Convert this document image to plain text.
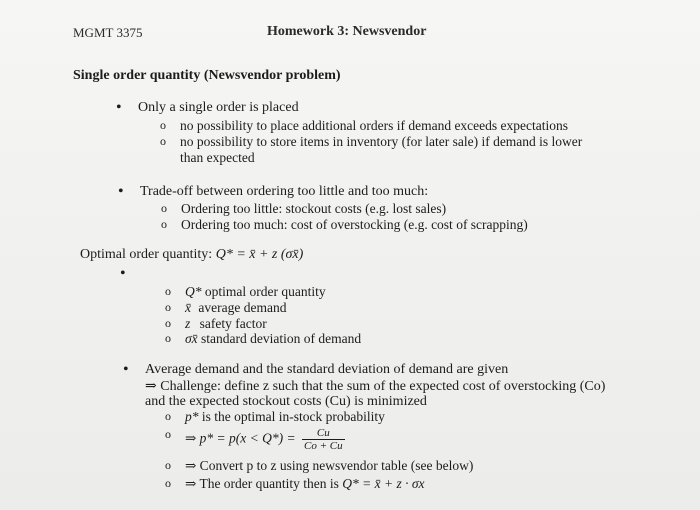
MGMT 3375	Homework 3: Newsvendor
Single order quantity (Newsvendor problem)
• Only a single order is placed
o no possibility to place additional orders if demand exceeds expectations
o no possibility to store items in inventory (for later sale) if demand is lower
than expected
• Trade-off between ordering too little and too much:
o Ordering too little: stockout costs (e.g. lost sales)
o Ordering too much: cost of overstocking (e.g. cost of scrapping)
Optimal order quantity: Q* = x̄ + z (σx̄)
•
o Q* optimal order quantity
o x̄ average demand
o z safety factor
o σx̄ standard deviation of demand
• Average demand and the standard deviation of demand are given
⇒ Challenge: define z such that the sum of the expected cost of overstocking (Co)
and the expected stockout costs (Cu) is minimized
o p* is the optimal in-stock probability
o ⇒ $p* = p(x < Q*) = \frac{Cu}{Co + Cu}$
o ⇒ Convert p to z using newsvendor table (see below)
o ⇒ The order quantity then is Q* = x̄ + z · σx
